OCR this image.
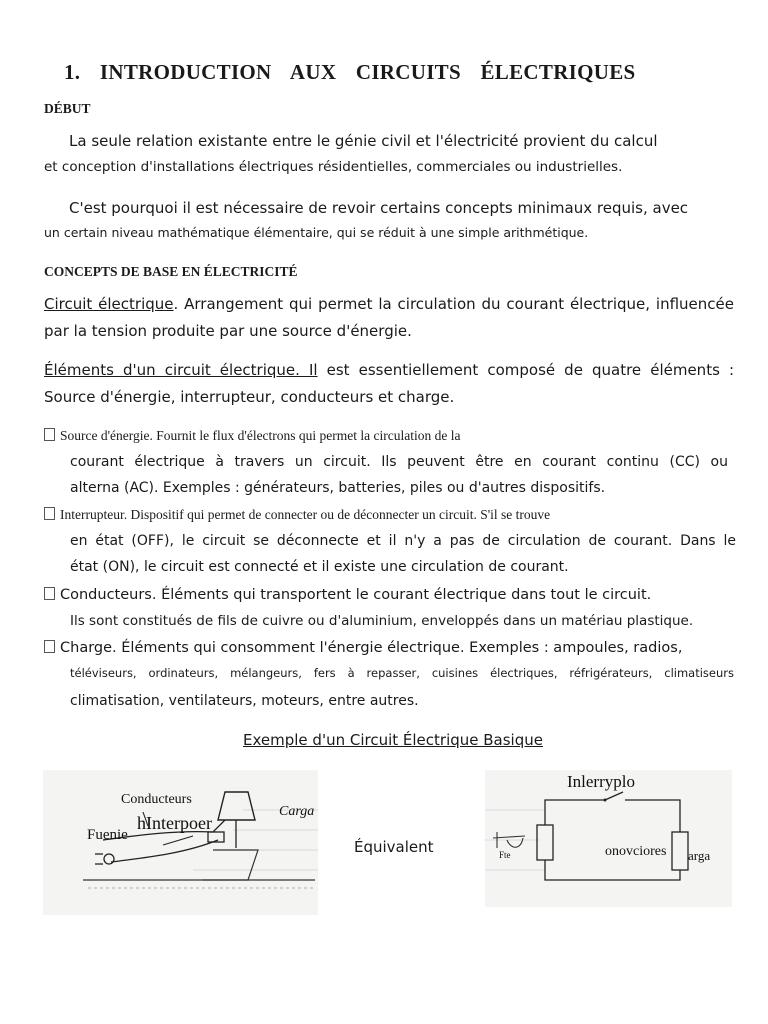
1. INTRODUCTION AUX CIRCUITS ÉLECTRIQUES
DÉBUT
La seule relation existante entre le génie civil et l'électricité provient du calcul
et conception d'installations électriques résidentielles, commerciales ou industrielles.
C'est pourquoi il est nécessaire de revoir certains concepts minimaux requis, avec
un certain niveau mathématique élémentaire, qui se réduit à une simple arithmétique.
CONCEPTS DE BASE EN ÉLECTRICITÉ
Circuit électrique. Arrangement qui permet la circulation du courant électrique, influencée par la tension produite par une source d'énergie.
Éléments d'un circuit électrique. Il est essentiellement composé de quatre éléments : Source d'énergie, interrupteur, conducteurs et charge.
Source d'énergie. Fournit le flux d'électrons qui permet la circulation de la
courant électrique à travers un circuit. Ils peuvent être en courant continu (CC) ou
alterna (AC). Exemples : générateurs, batteries, piles ou d'autres dispositifs.
Interrupteur. Dispositif qui permet de connecter ou de déconnecter un circuit. S'il se trouve
en état (OFF), le circuit se déconnecte et il n'y a pas de circulation de courant. Dans le
état (ON), le circuit est connecté et il existe une circulation de courant.
Conducteurs. Éléments qui transportent le courant électrique dans tout le circuit.
Ils sont constitués de fils de cuivre ou d'aluminium, enveloppés dans un matériau plastique.
Charge. Éléments qui consomment l'énergie électrique. Exemples : ampoules, radios,
téléviseurs, ordinateurs, mélangeurs, fers à repasser, cuisines électriques, réfrigérateurs, climatiseurs
climatisation, ventilateurs, moteurs, entre autres.
Exemple d'un Circuit Électrique Basique
Conducteurs
hInterpoer
Fuenie
Carga
Équivalent
Inlerryplo
Fte	onovciores arga
